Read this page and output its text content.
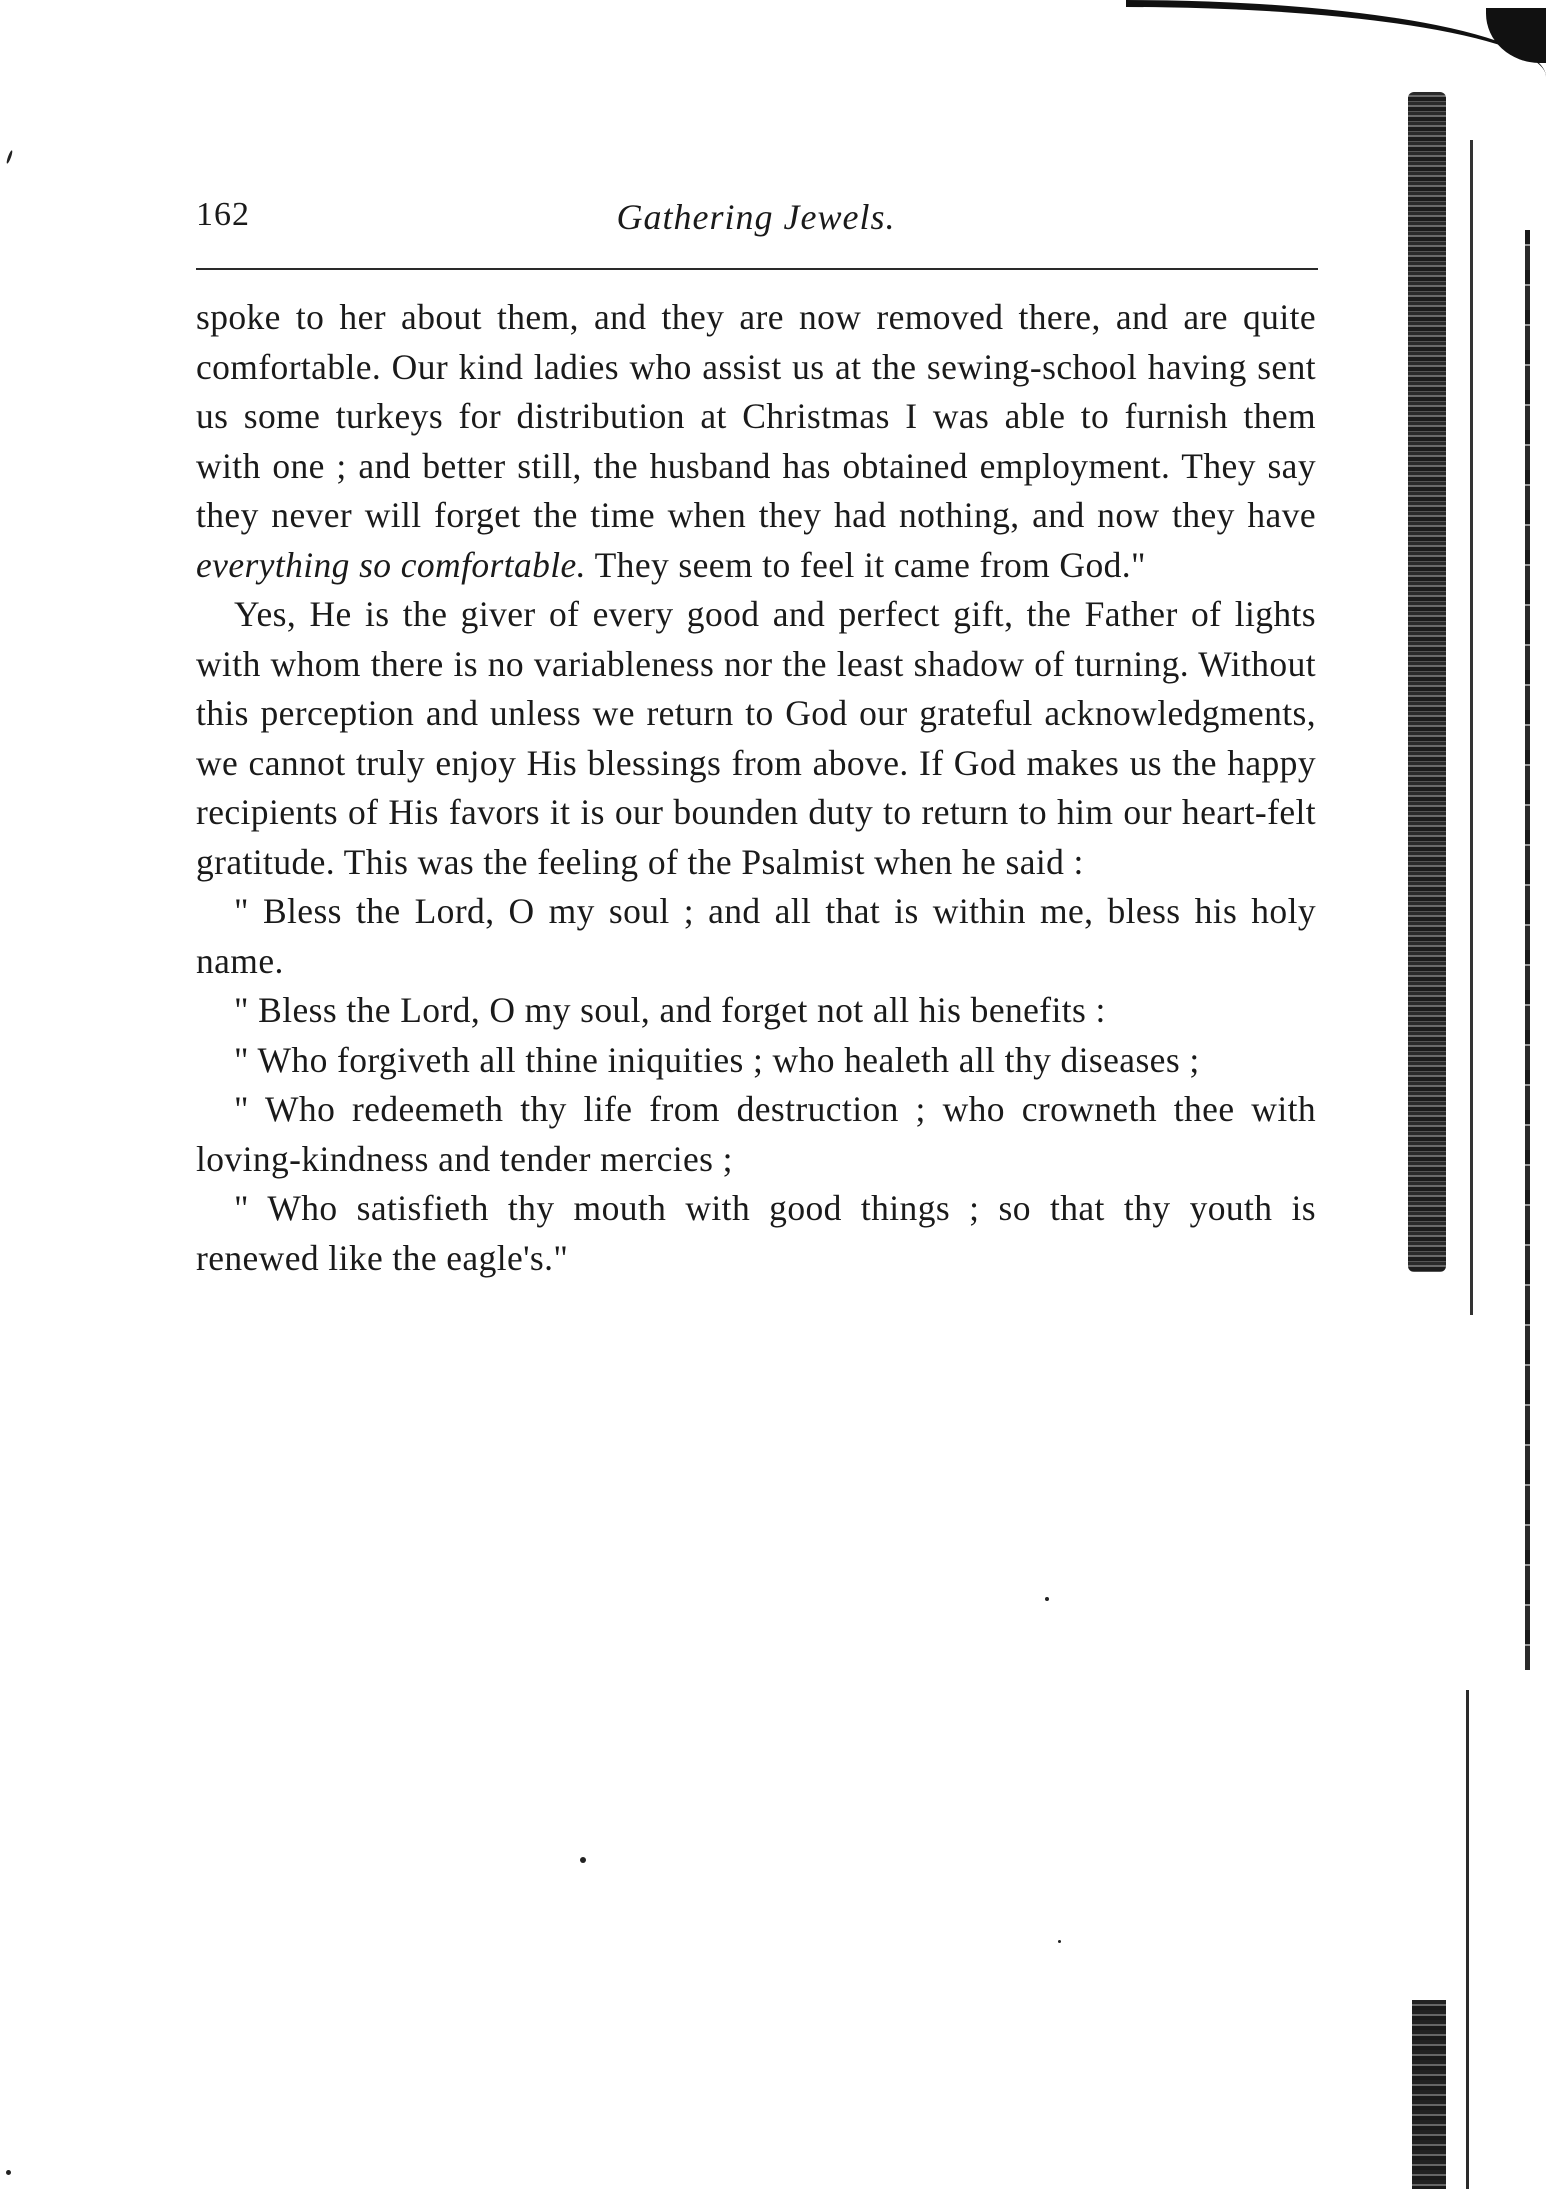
162	Gathering Jewels.

spoke to her about them, and they are now removed there, and are quite comfortable. Our kind ladies who assist us at the sewing-school having sent us some turkeys for distribution at Christmas I was able to furnish them with one ; and better still, the husband has obtained employment. They say they never will forget the time when they had nothing, and now they have everything so comfortable. They seem to feel it came from God."

Yes, He is the giver of every good and perfect gift, the Father of lights with whom there is no variableness nor the least shadow of turning. Without this perception and unless we return to God our grateful acknowledgments, we cannot truly enjoy His blessings from above. If God makes us the happy recipients of His favors it is our bounden duty to return to him our heart-felt gratitude. This was the feeling of the Psalmist when he said :

" Bless the Lord, O my soul ; and all that is within me, bless his holy name.

" Bless the Lord, O my soul, and forget not all his benefits :

" Who forgiveth all thine iniquities ; who healeth all thy diseases ;

" Who redeemeth thy life from destruction ; who crowneth thee with loving-kindness and tender mercies ;

" Who satisfieth thy mouth with good things ; so that thy youth is renewed like the eagle's."
